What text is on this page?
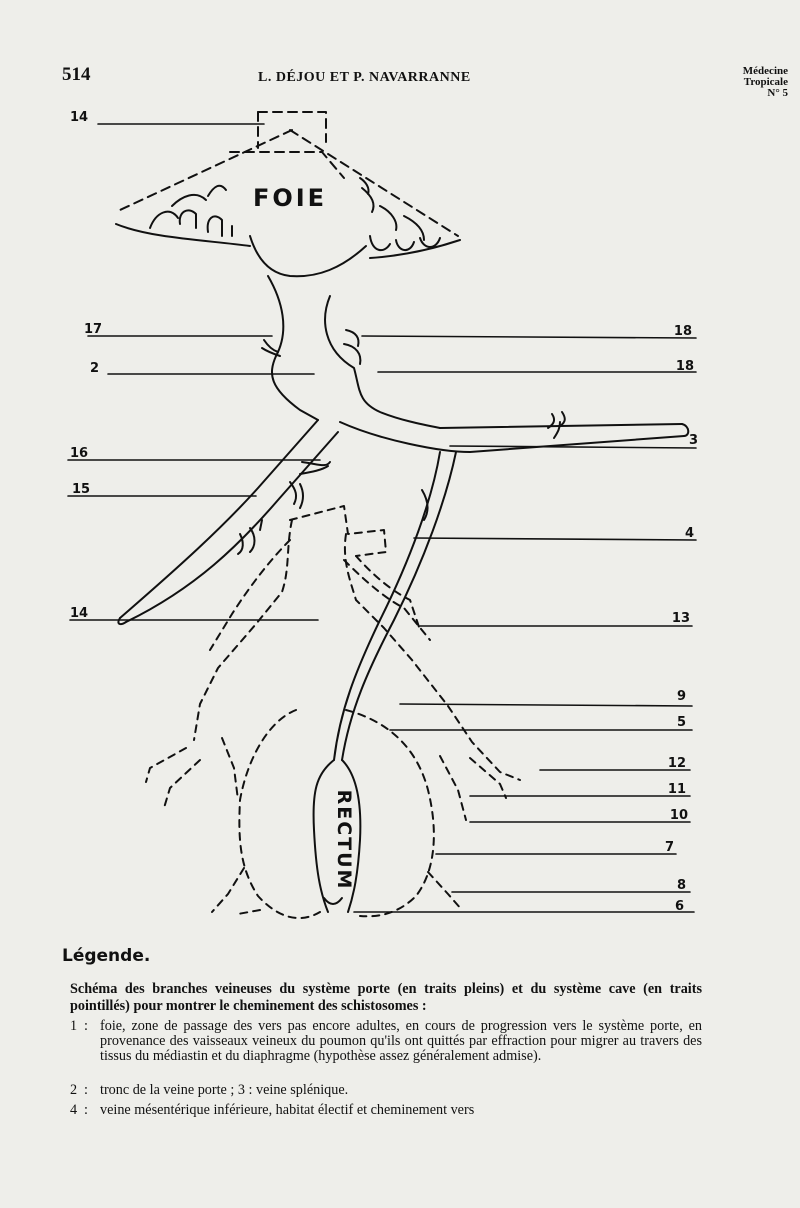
514	L. DÉJOU ET P. NAVARRANNE	Médecine
Tropicale
N° 5
FOIE
RECTUM
14
17
2
16
15
14
18
18
3
4
13
9
5
12
11
10
7
8
6
Légende.
Schéma des branches veineuses du système porte (en traits pleins) et du système cave (en traits pointillés) pour montrer le cheminement des schistosomes :
1 : foie, zone de passage des vers pas encore adultes, en cours de progression vers le système porte, en provenance des vaisseaux veineux du poumon qu'ils ont quittés par effraction pour migrer au travers des tissus du médiastin et du diaphragme (hypothèse assez généralement admise).
2 : tronc de la veine porte ; 3 : veine splénique.
4 : veine mésentérique inférieure, habitat électif et cheminement vers
